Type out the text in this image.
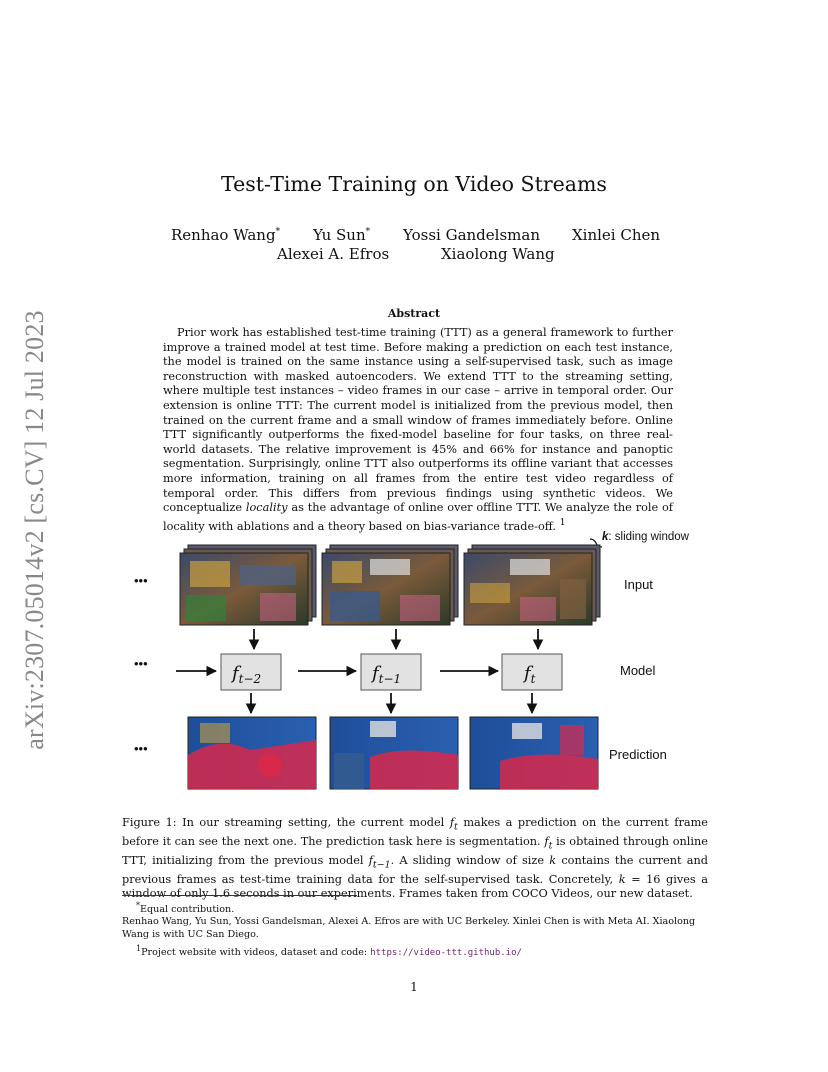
arXiv:2307.05014v2 [cs.CV] 12 Jul 2023
Test-Time Training on Video Streams
Renhao Wang* Yu Sun* Yossi Gandelsman Xinlei Chen
Alexei A. Efros	Xiaolong Wang
Abstract

Prior work has established test-time training (TTT) as a general framework to further improve a trained model at test time. Before making a prediction on each test instance, the model is trained on the same instance using a self-supervised task, such as image reconstruction with masked autoencoders. We extend TTT to the streaming setting, where multiple test instances – video frames in our case – arrive in temporal order. Our extension is online TTT: The current model is initialized from the previous model, then trained on the current frame and a small window of frames immediately before. Online TTT significantly outperforms the fixed-model baseline for four tasks, on three real-world datasets. The relative improvement is 45% and 66% for instance and panoptic segmentation. Surprisingly, online TTT also outperforms its offline variant that accesses more information, training on all frames from the entire test video regardless of temporal order. This differs from previous findings using synthetic videos. We conceptualize locality as the advantage of online over offline TTT. We analyze the role of locality with ablations and a theory based on bias-variance trade-off. $^1$

k: sliding window
•••
•••
•••
Input
$f_{t-2}$	$f_{t-1}$	$f_t$
Model
Prediction

Figure 1: In our streaming setting, the current model $f_t$ makes a prediction on the current frame before it can see the next one. The prediction task here is segmentation. $f_t$ is obtained through online TTT, initializing from the previous model $f_{t-1}$. A sliding window of size k contains the current and previous frames as test-time training data for the self-supervised task. Concretely, k = 16 gives a window of only 1.6 seconds in our experiments. Frames taken from COCO Videos, our new dataset.

*Equal contribution.

Renhao Wang, Yu Sun, Yossi Gandelsman, Alexei A. Efros are with UC Berkeley. Xinlei Chen is with Meta AI. Xiaolong Wang is with UC San Diego.

$^1$Project website with videos, dataset and code: https://video-ttt.github.io/

1
